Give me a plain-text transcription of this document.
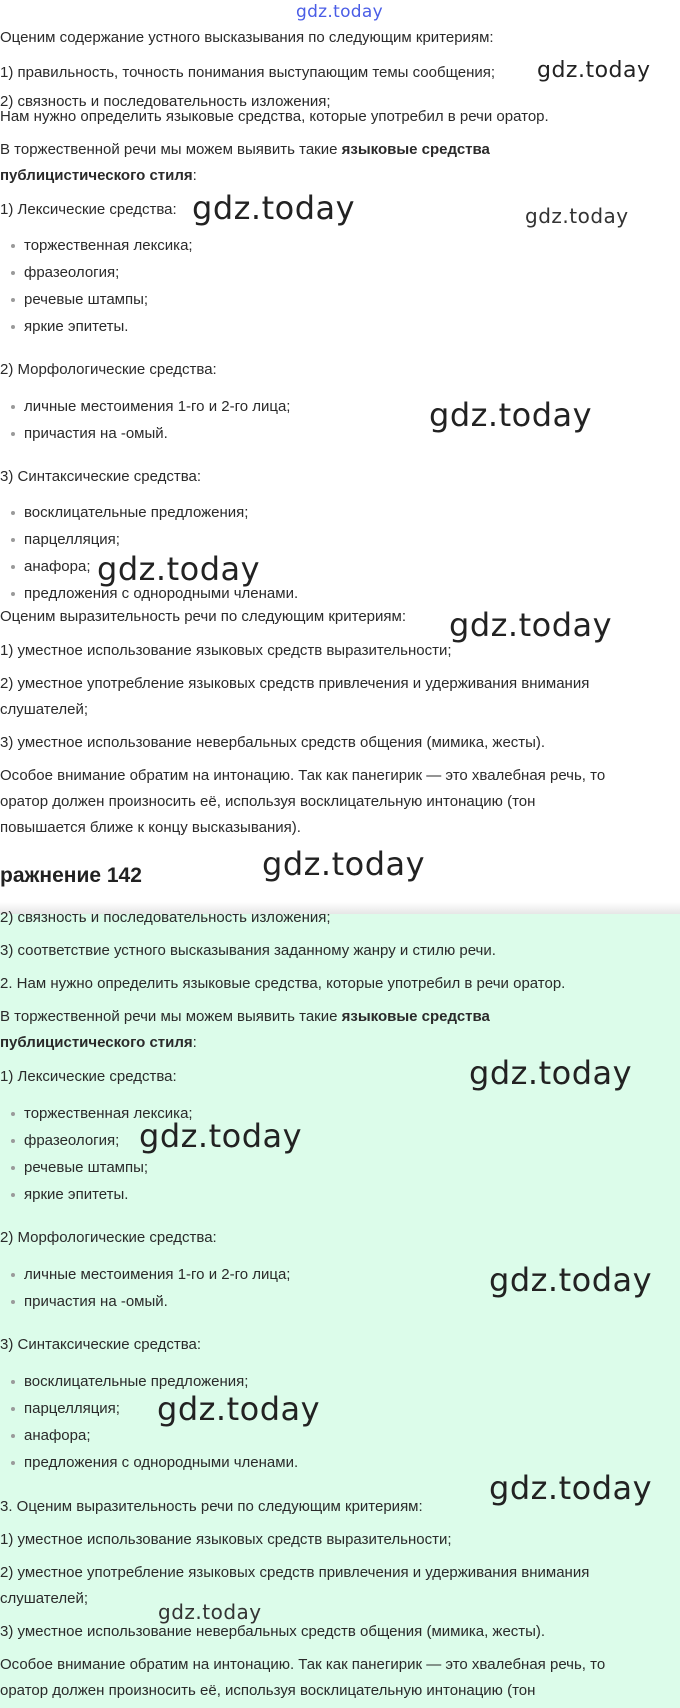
gdz.today
Оценим содержание устного высказывания по следующим критериям:
1) правильность, точность понимания выступающим темы сообщения;
2) связность и последовательность изложения;
Нам нужно определить языковые средства, которые употребил в речи оратор.
В торжественной речи мы можем выявить такие языковые средства
публицистического стиля:
1) Лексические средства:
торжественная лексика;
фразеология;
речевые штампы;
яркие эпитеты.
2) Морфологические средства:
личные местоимения 1-го и 2-го лица;
причастия на -омый.
3) Синтаксические средства:
восклицательные предложения;
парцелляция;
анафора;
предложения с однородными членами.
Оценим выразительность речи по следующим критериям:
1) уместное использование языковых средств выразительности;
2) уместное употребление языковых средств привлечения и удерживания внимания
слушателей;
3) уместное использование невербальных средств общения (мимика, жесты).
Особое внимание обратим на интонацию. Так как панегирик — это хвалебная речь, то
оратор должен произносить её, используя восклицательную интонацию (тон
повышается ближе к концу высказывания).
ражнение 142
2) связность и последовательность изложения;
3) соответствие устного высказывания заданному жанру и стилю речи.
2. Нам нужно определить языковые средства, которые употребил в речи оратор.
В торжественной речи мы можем выявить такие языковые средства
публицистического стиля:
1) Лексические средства:
торжественная лексика;
фразеология;
речевые штампы;
яркие эпитеты.
2) Морфологические средства:
личные местоимения 1-го и 2-го лица;
причастия на -омый.
3) Синтаксические средства:
восклицательные предложения;
парцелляция;
анафора;
предложения с однородными членами.
3. Оценим выразительность речи по следующим критериям:
1) уместное использование языковых средств выразительности;
2) уместное употребление языковых средств привлечения и удерживания внимания
слушателей;
3) уместное использование невербальных средств общения (мимика, жесты).
Особое внимание обратим на интонацию. Так как панегирик — это хвалебная речь, то
оратор должен произносить её, используя восклицательную интонацию (тон
gdz.today
gdz.today	gdz.today
gdz.today
gdz.today
gdz.today
gdz.today
gdz.today
gdz.today
gdz.today
gdz.today
gdz.today
gdz.today
